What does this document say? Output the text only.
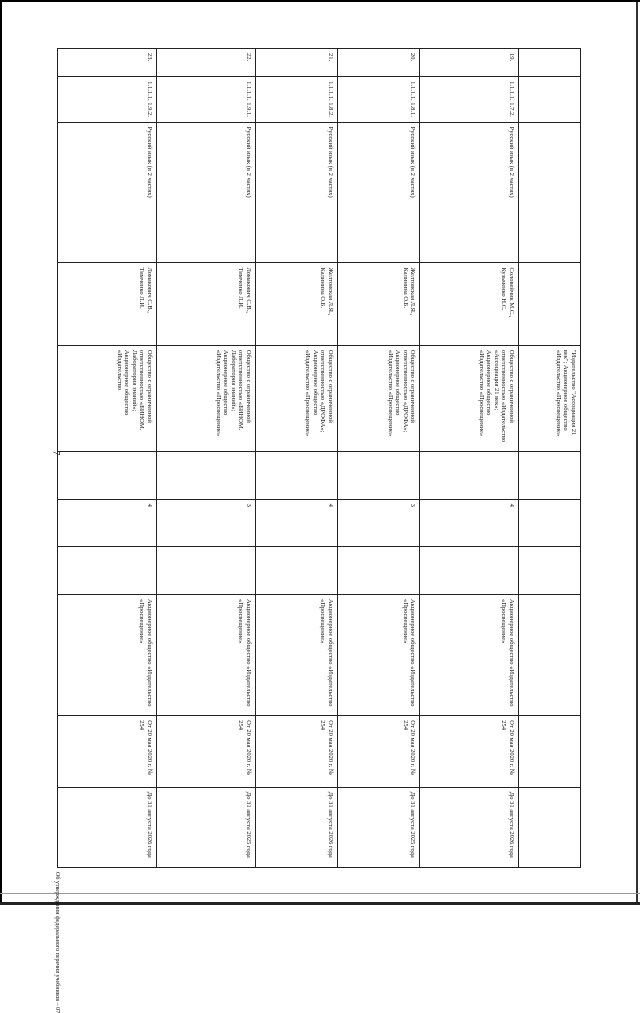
7
Об утверждении федерального перечня учебников – 07
				"Издательство "Ассоциация 21 век"; Акционерное общество «Издательство «Просвещение»						
19.	1.1.1.1. 1.7.2.	Русский язык (в 2 частях)	Соловейчик М.С., Кузьменко Н.С.	Общество с ограниченной ответственностью «Издательство «Ассоциация 21 век»; Акционерное общество «Издательство «Просвещение»		4		Акционерное общество «Издательство «Просвещение»	От 20 мая 2020 г. № 254	До 31 августа 2026 года
20.	1.1.1.1. 1.8.1.	Русский язык (в 2 частях)	Желтовская Л.Я., Калинина О.Б.	Общество с ограниченной ответственностью «ДРОФА»; Акционерное общество «Издательство «Просвещение»		3		Акционерное общество «Издательство «Просвещение»	От 20 мая 2020 г. № 254	До 31 августа 2025 года
21.	1.1.1.1. 1.8.2.	Русский язык (в 2 частях)	Желтовская Л.Я., Калинина О.Б.	Общество с ограниченной ответственностью «ДРОФА»; Акционерное общество «Издательство «Просвещение»		4		Акционерное общество «Издательство «Просвещение»	От 20 мая 2020 г. № 254	До 31 августа 2026 года
22.	1.1.1.1. 1.9.1.	Русский язык (в 2 частях)	Ломакович С.В., Тимченко Л.И.	Общество с ограниченной ответственностью «БИНОМ. Лаборатория знаний»; Акционерное общество «Издательство «Просвещение»		3		Акционерное общество «Издательство «Просвещение»	От 20 мая 2020 г. № 254	До 31 августа 2025 года
23.	1.1.1.1. 1.9.2.	Русский язык (в 2 частях)	Ломакович С.В., Тимченко Л.И.	Общество с ограниченной ответственностью «БИНОМ. Лаборатория знаний»; Акционерное общество «Издательство		4		Акционерное общество «Издательство «Просвещение»	От 20 мая 2020 г. № 254	До 31 августа 2026 года
